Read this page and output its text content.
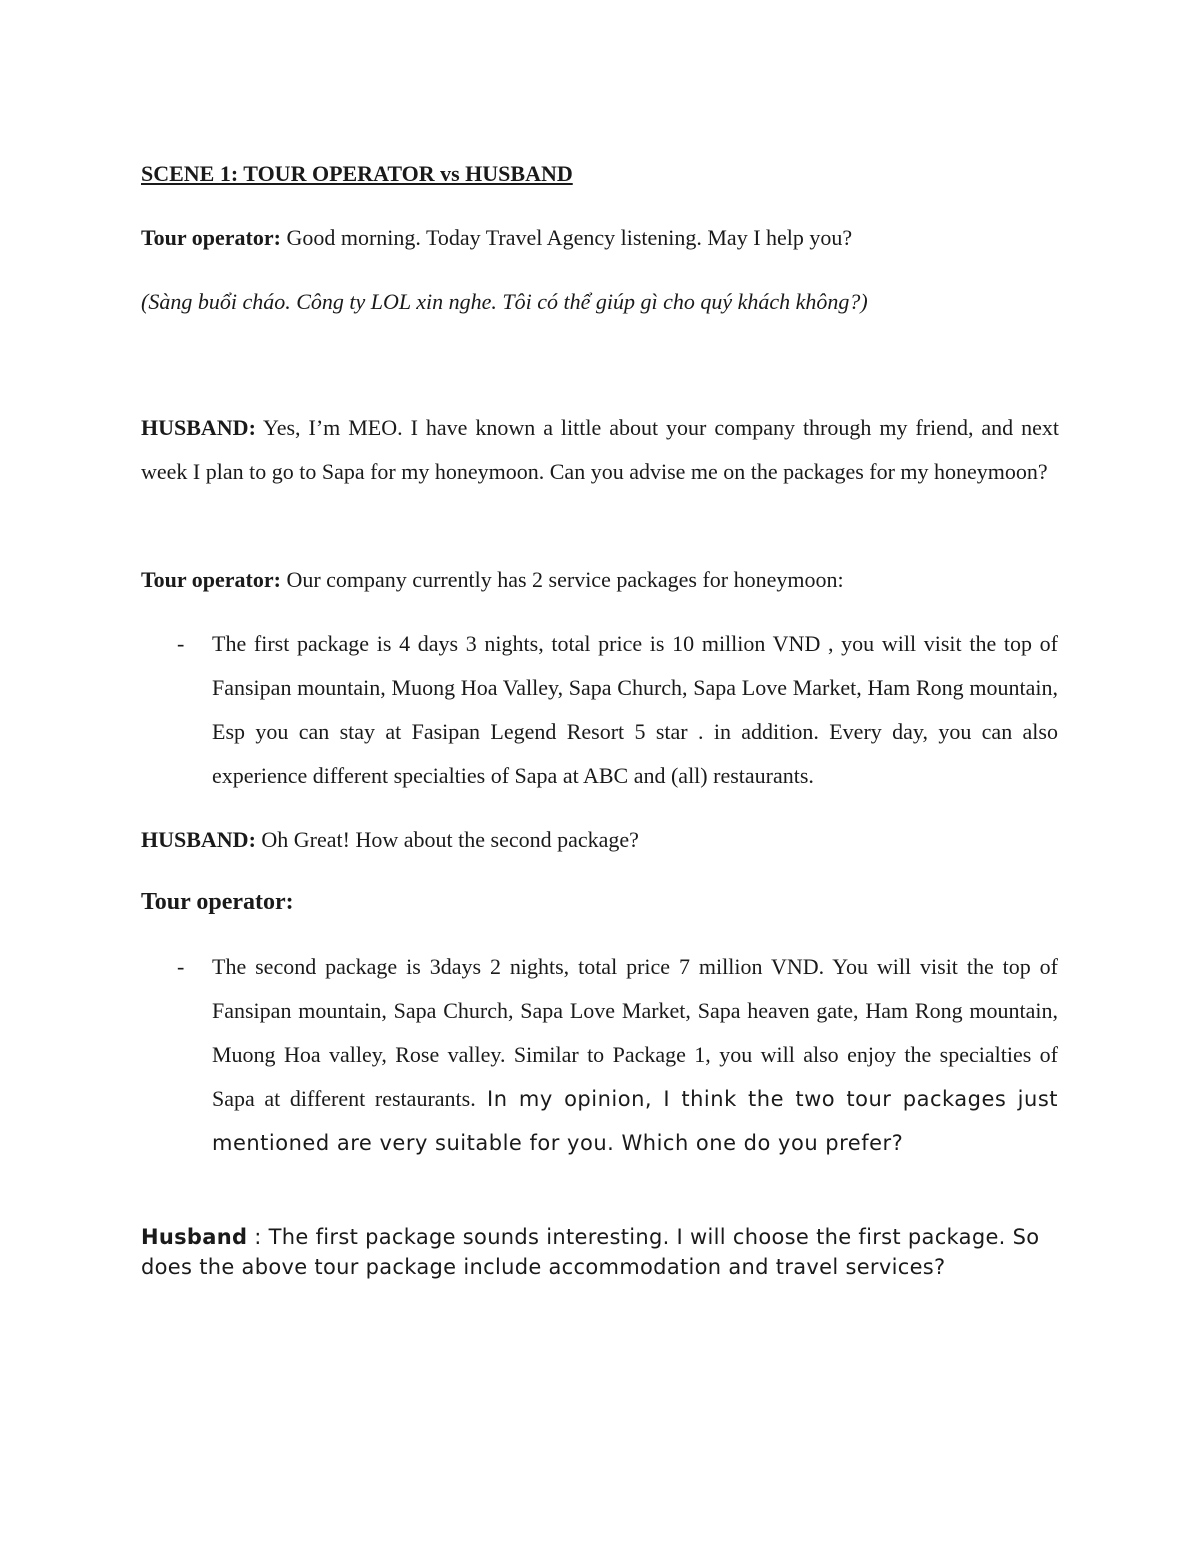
SCENE 1: TOUR OPERATOR vs HUSBAND

Tour operator: Good morning. Today Travel Agency listening. May I help you?

(Sàng buổi cháo. Công ty LOL xin nghe. Tôi có thể giúp gì cho quý khách không?)

HUSBAND: Yes, I’m MEO. I have known a little about your company through my friend, and next week I plan to go to Sapa for my honeymoon. Can you advise me on the packages for my honeymoon?

Tour operator: Our company currently has 2 service packages for honeymoon:

- The first package is 4 days 3 nights, total price is 10 million VND , you will visit the top of Fansipan mountain, Muong Hoa Valley, Sapa Church, Sapa Love Market, Ham Rong mountain, Esp you can stay at Fasipan Legend Resort 5 star . in addition. Every day, you can also experience different specialties of Sapa at ABC and (all) restaurants.

HUSBAND: Oh Great! How about the second package?

Tour operator:

- The second package is 3days 2 nights, total price 7 million VND. You will visit the top of Fansipan mountain, Sapa Church, Sapa Love Market, Sapa heaven gate, Ham Rong mountain, Muong Hoa valley, Rose valley. Similar to Package 1, you will also enjoy the specialties of Sapa at different restaurants. In my opinion, I think the two tour packages just mentioned are very suitable for you. Which one do you prefer?

Husband : The first package sounds interesting. I will choose the first package. So does the above tour package include accommodation and travel services?
